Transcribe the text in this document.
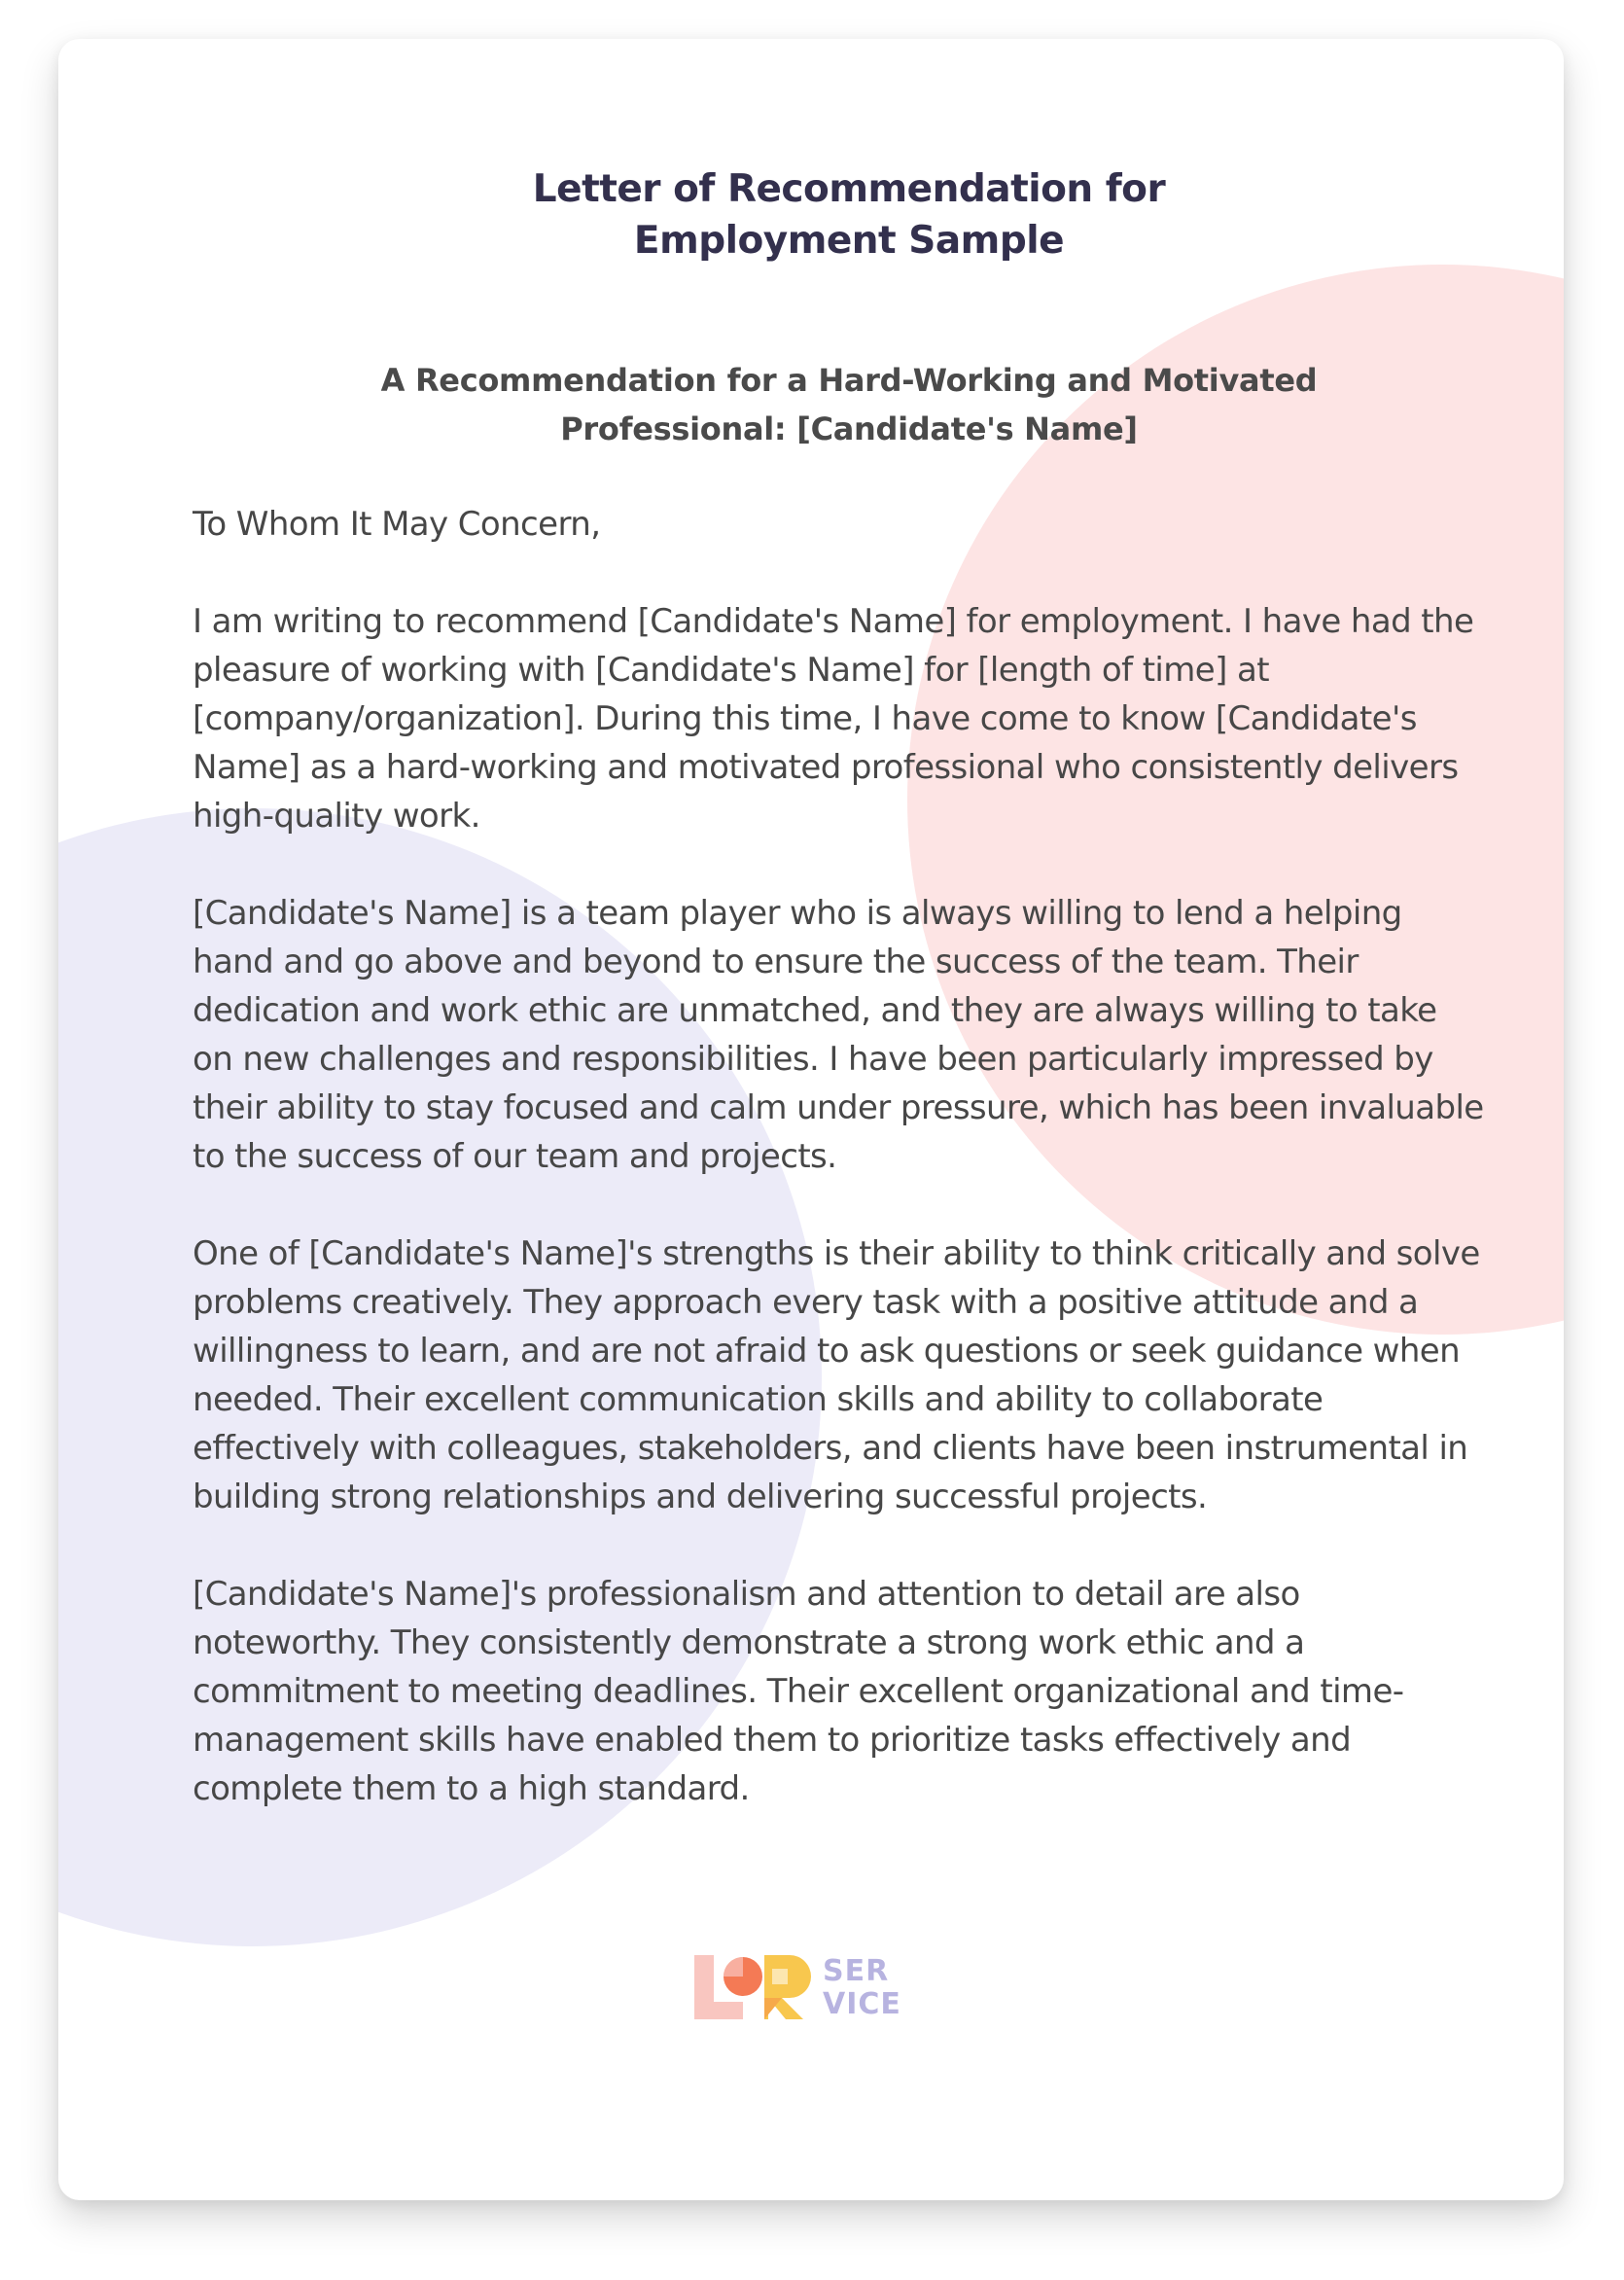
Letter of Recommendation for Employment Sample
A Recommendation for a Hard-Working and Motivated Professional: [Candidate's Name]
To Whom It May Concern,
I am writing to recommend [Candidate's Name] for employment. I have had the pleasure of working with [Candidate's Name] for [length of time] at [company/organization]. During this time, I have come to know [Candidate's Name] as a hard-working and motivated professional who consistently delivers high-quality work.
[Candidate's Name] is a team player who is always willing to lend a helping hand and go above and beyond to ensure the success of the team. Their dedication and work ethic are unmatched, and they are always willing to take on new challenges and responsibilities. I have been particularly impressed by their ability to stay focused and calm under pressure, which has been invaluable to the success of our team and projects.
One of [Candidate's Name]'s strengths is their ability to think critically and solve problems creatively. They approach every task with a positive attitude and a willingness to learn, and are not afraid to ask questions or seek guidance when needed. Their excellent communication skills and ability to collaborate effectively with colleagues, stakeholders, and clients have been instrumental in building strong relationships and delivering successful projects.
[Candidate's Name]'s professionalism and attention to detail are also noteworthy. They consistently demonstrate a strong work ethic and a commitment to meeting deadlines. Their excellent organizational and time-management skills have enabled them to prioritize tasks effectively and complete them to a high standard.
SER
VICE
